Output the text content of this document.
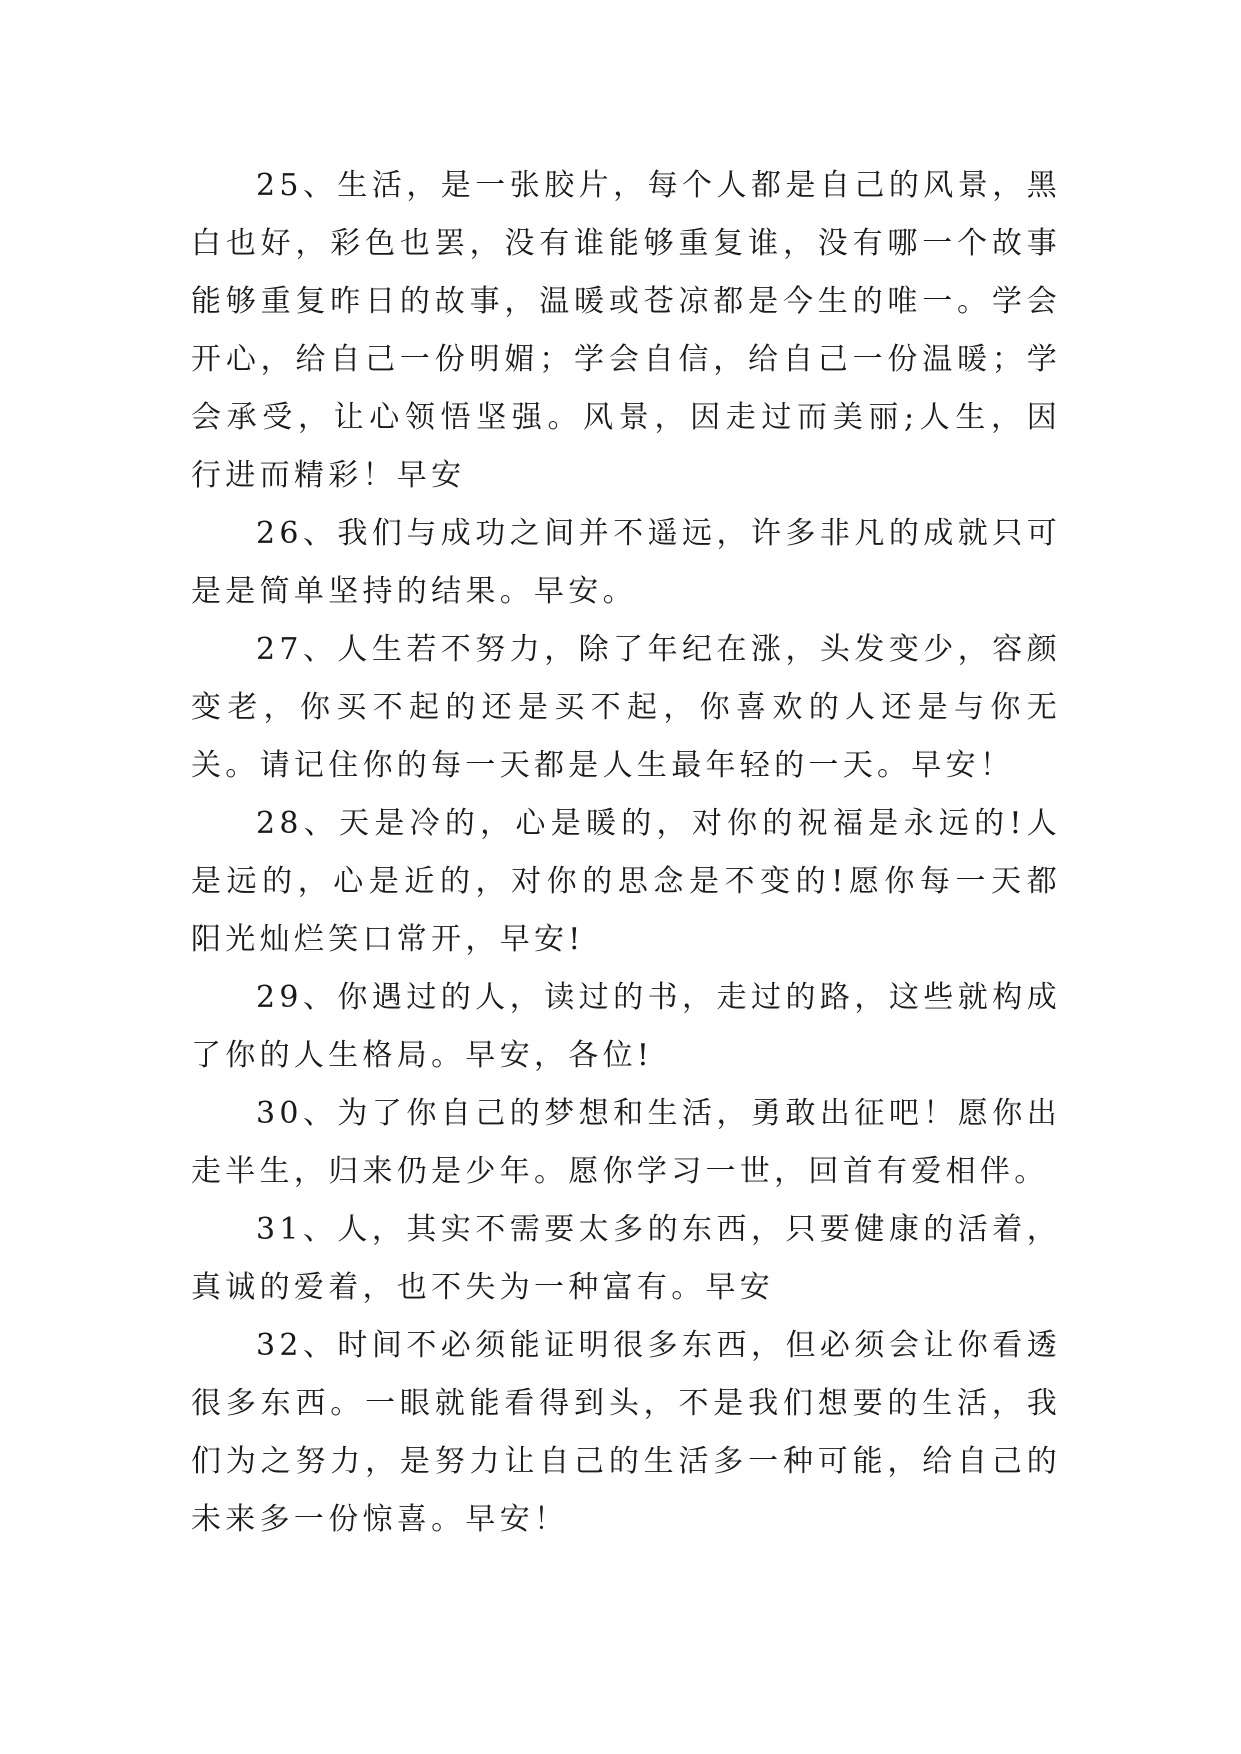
25、生活，是一张胶片，每个人都是自己的风景，黑白也好，彩色也罢，没有谁能够重复谁，没有哪一个故事能够重复昨日的故事，温暖或苍凉都是今生的唯一。学会开心，给自己一份明媚；学会自信，给自己一份温暖；学会承受，让心领悟坚强。风景，因走过而美丽;人生，因行进而精彩！早安

26、我们与成功之间并不遥远，许多非凡的成就只可是是简单坚持的结果。早安。

27、人生若不努力，除了年纪在涨，头发变少，容颜变老，你买不起的还是买不起，你喜欢的人还是与你无关。请记住你的每一天都是人生最年轻的一天。早安！

28、天是冷的，心是暖的，对你的祝福是永远的!人是远的，心是近的，对你的思念是不变的!愿你每一天都阳光灿烂笑口常开，早安!

29、你遇过的人，读过的书，走过的路，这些就构成了你的人生格局。早安，各位!

30、为了你自己的梦想和生活，勇敢出征吧！愿你出走半生，归来仍是少年。愿你学习一世，回首有爱相伴。

31、人，其实不需要太多的东西，只要健康的活着，真诚的爱着，也不失为一种富有。早安

32、时间不必须能证明很多东西，但必须会让你看透很多东西。一眼就能看得到头，不是我们想要的生活，我们为之努力，是努力让自己的生活多一种可能，给自己的未来多一份惊喜。早安！
